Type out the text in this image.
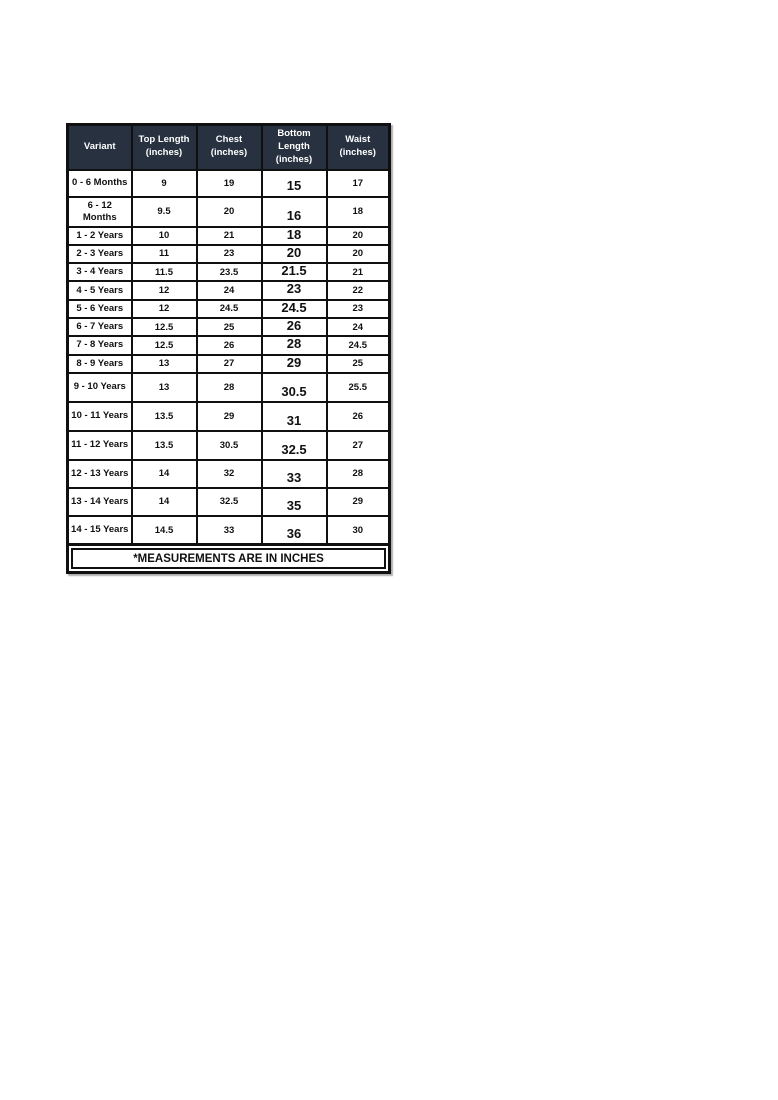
Variant	Top Length (inches)	Chest (inches)	Bottom Length (inches)	Waist (inches)
0 - 6 Months	9	19	15	17
6 - 12 Months	9.5	20	16	18
1 - 2 Years	10	21	18	20
2 - 3 Years	11	23	20	20
3 - 4 Years	11.5	23.5	21.5	21
4 - 5 Years	12	24	23	22
5 - 6 Years	12	24.5	24.5	23
6 - 7 Years	12.5	25	26	24
7 - 8 Years	12.5	26	28	24.5
8 - 9 Years	13	27	29	25
9 - 10 Years	13	28	30.5	25.5
10 - 11 Years	13.5	29	31	26
11 - 12 Years	13.5	30.5	32.5	27
12 - 13 Years	14	32	33	28
13 - 14 Years	14	32.5	35	29
14 - 15 Years	14.5	33	36	30

*MEASUREMENTS ARE IN INCHES				
